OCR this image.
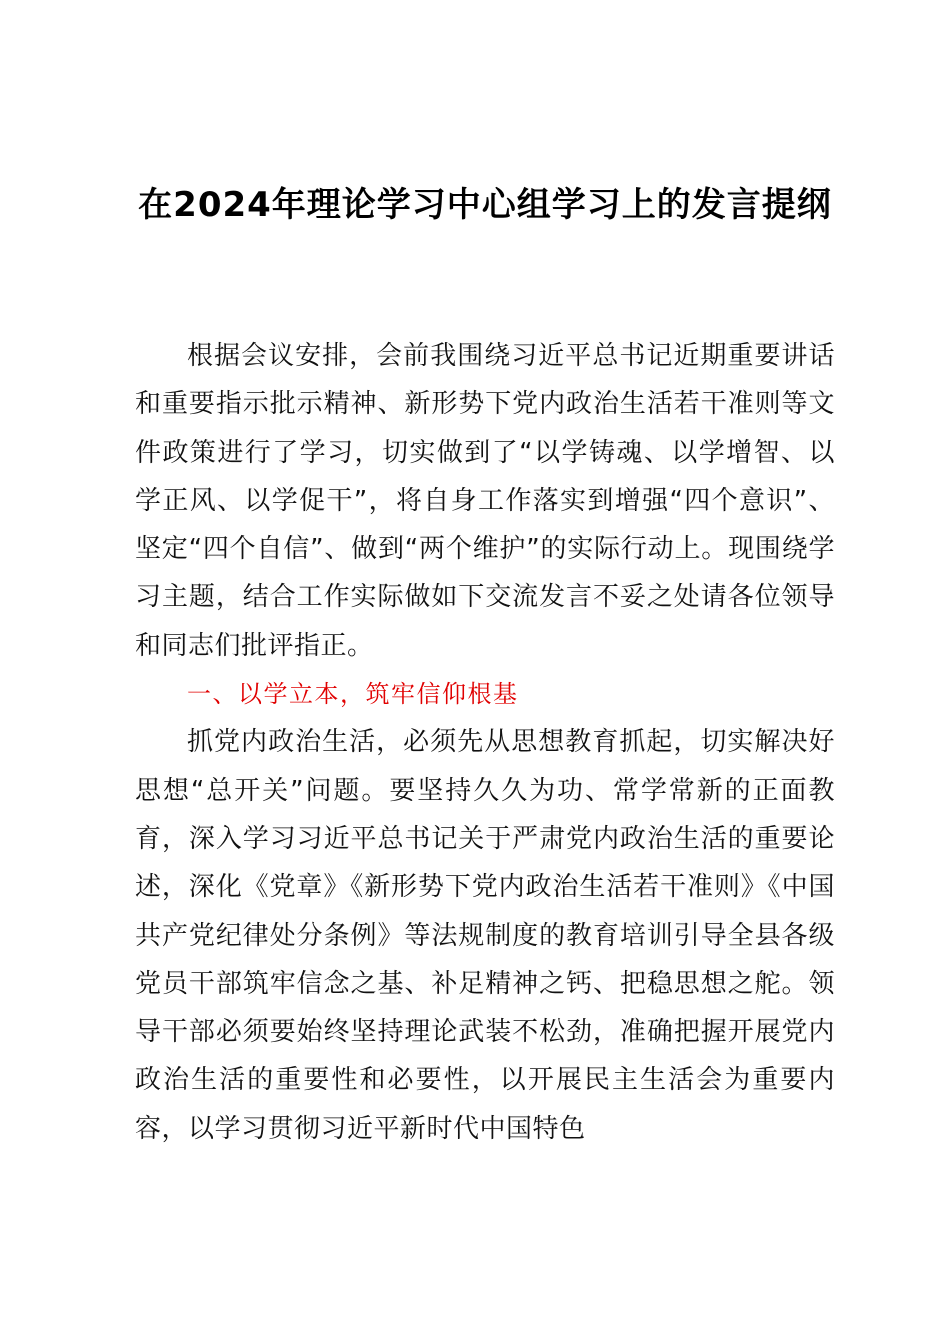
在2024年理论学习中心组学习上的发言提纲

根据会议安排，会前我围绕习近平总书记近期重要讲话和重要指示批示精神、新形势下党内政治生活若干准则等文件政策进行了学习，切实做到了“以学铸魂、以学增智、以学正风、以学促干”，将自身工作落实到增强“四个意识”、坚定“四个自信”、做到“两个维护”的实际行动上。现围绕学习主题，结合工作实际做如下交流发言不妥之处请各位领导和同志们批评指正。

一、以学立本，筑牢信仰根基

抓党内政治生活，必须先从思想教育抓起，切实解决好思想“总开关”问题。要坚持久久为功、常学常新的正面教育，深入学习习近平总书记关于严肃党内政治生活的重要论述，深化《党章》《新形势下党内政治生活若干准则》《中国共产党纪律处分条例》等法规制度的教育培训引导全县各级党员干部筑牢信念之基、补足精神之钙、把稳思想之舵。领导干部必须要始终坚持理论武装不松劲，准确把握开展党内政治生活的重要性和必要性，以开展民主生活会为重要内容，以学习贯彻习近平新时代中国特色
